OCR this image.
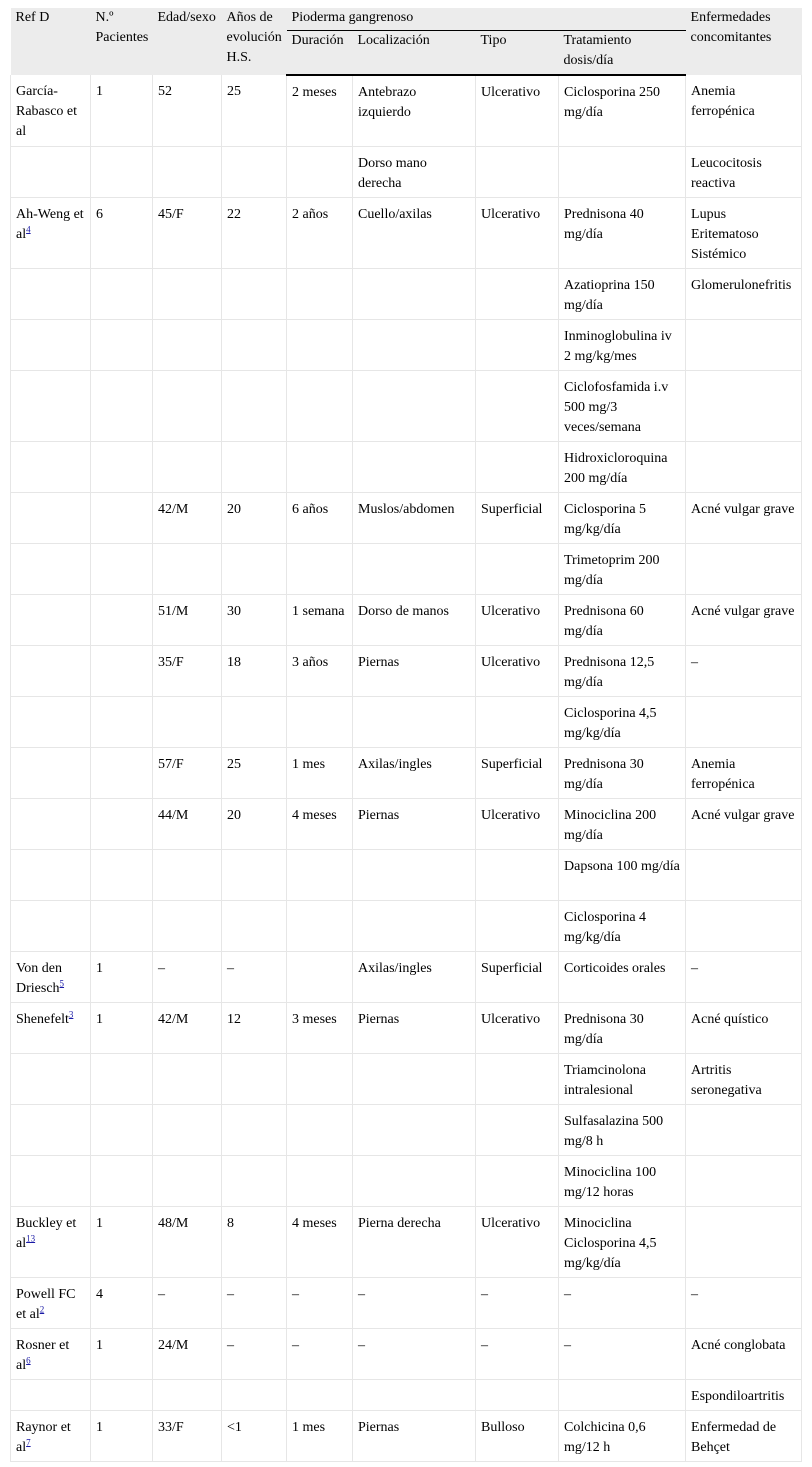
Ref D	N.º Pacientes	Edad/sexo	Años de evolución H.S.	Pioderma gangrenoso				Enfermedades concomitantes
				Duración	Localización	Tipo	Tratamiento dosis/día	
García-Rabasco et al	1	52	25	2 meses	Antebrazo izquierdo	Ulcerativo	Ciclosporina 250 mg/día	Anemia ferropénica
					Dorso mano derecha			Leucocitosis reactiva
Ah-Weng et al$^4$	6	45/F	22	2 años	Cuello/axilas	Ulcerativo	Prednisona 40 mg/día	Lupus Eritematoso Sistémico
							Azatioprina 150 mg/día	Glomerulonefritis
							Inminoglobulina iv 2 mg/kg/mes	
							Ciclofosfamida i.v 500 mg/3 veces/semana	
							Hidroxicloroquina 200 mg/día	
		42/M	20	6 años	Muslos/abdomen	Superficial	Ciclosporina 5 mg/kg/día	Acné vulgar grave
							Trimetoprim 200 mg/día	
		51/M	30	1 semana	Dorso de manos	Ulcerativo	Prednisona 60 mg/día	Acné vulgar grave
		35/F	18	3 años	Piernas	Ulcerativo	Prednisona 12,5 mg/día	–
							Ciclosporina 4,5 mg/kg/día	
		57/F	25	1 mes	Axilas/ingles	Superficial	Prednisona 30 mg/día	Anemia ferropénica
		44/M	20	4 meses	Piernas	Ulcerativo	Minociclina 200 mg/día	Acné vulgar grave
							Dapsona 100 mg/día	
							Ciclosporina 4 mg/kg/día	
Von den Driesch$^5$	1	–	–		Axilas/ingles	Superficial	Corticoides orales	–
Shenefelt$^3$	1	42/M	12	3 meses	Piernas	Ulcerativo	Prednisona 30 mg/día	Acné quístico
							Triamcinolona intralesional	Artritis seronegativa
							Sulfasalazina 500 mg/8 h	
							Minociclina 100 mg/12 horas	
Buckley et al$^{13}$	1	48/M	8	4 meses	Pierna derecha	Ulcerativo	Minociclina Ciclosporina 4,5 mg/kg/día	
Powell FC et al$^2$	4	–	–	–	–	–	–	–
Rosner et al$^6$	1	24/M	–	–	–	–	–	Acné conglobata
								Espondiloartritis
Raynor et al$^7$	1	33/F	<1	1 mes	Piernas	Bulloso	Colchicina 0,6 mg/12 h	Enfermedad de Behçet
